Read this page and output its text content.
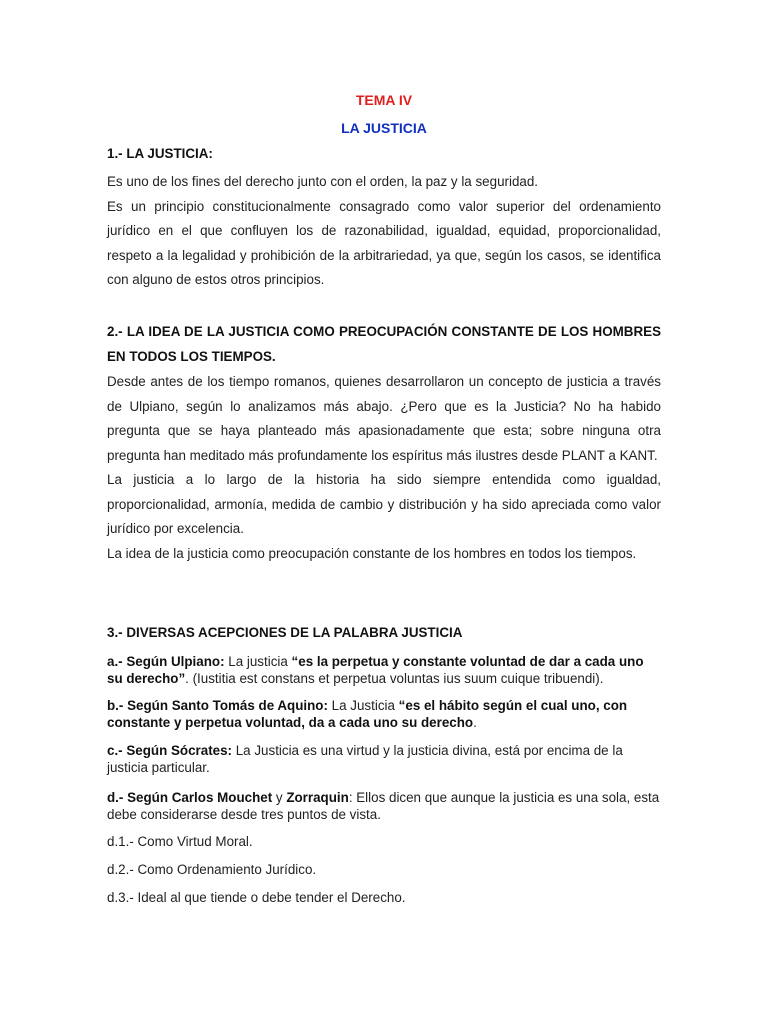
TEMA IV
LA JUSTICIA
1.- LA JUSTICIA:

Es uno de los fines del derecho junto con el orden, la paz y la seguridad.

Es un principio constitucionalmente consagrado como valor superior del ordenamiento jurídico en el que confluyen los de razonabilidad, igualdad, equidad, proporcionalidad, respeto a la legalidad y prohibición de la arbitrariedad, ya que, según los casos, se identifica con alguno de estos otros principios.

2.- LA IDEA DE LA JUSTICIA COMO PREOCUPACIÓN CONSTANTE DE LOS HOMBRES EN TODOS LOS TIEMPOS.

Desde antes de los tiempo romanos, quienes desarrollaron un concepto de justicia a través de Ulpiano, según lo analizamos más abajo. ¿Pero que es la Justicia? No ha habido pregunta que se haya planteado más apasionadamente que esta; sobre ninguna otra pregunta han meditado más profundamente los espíritus más ilustres desde PLANT a KANT.

La justicia a lo largo de la historia ha sido siempre entendida como igualdad, proporcionalidad, armonía, medida de cambio y distribución y ha sido apreciada como valor jurídico por excelencia.

La idea de la justicia como preocupación constante de los hombres en todos los tiempos.

3.- DIVERSAS ACEPCIONES DE LA PALABRA JUSTICIA
a.- Según Ulpiano: La justicia “es la perpetua y constante voluntad de dar a cada uno su derecho”. (Iustitia est constans et perpetua voluntas ius suum cuique tribuendi).
b.- Según Santo Tomás de Aquino: La Justicia “es el hábito según el cual uno, con constante y perpetua voluntad, da a cada uno su derecho.
c.- Según Sócrates: La Justicia es una virtud y la justicia divina, está por encima de la justicia particular.
d.- Según Carlos Mouchet y Zorraquin: Ellos dicen que aunque la justicia es una sola, esta debe considerarse desde tres puntos de vista.
d.1.- Como Virtud Moral.
d.2.- Como Ordenamiento Jurídico.
d.3.- Ideal al que tiende o debe tender el Derecho.
